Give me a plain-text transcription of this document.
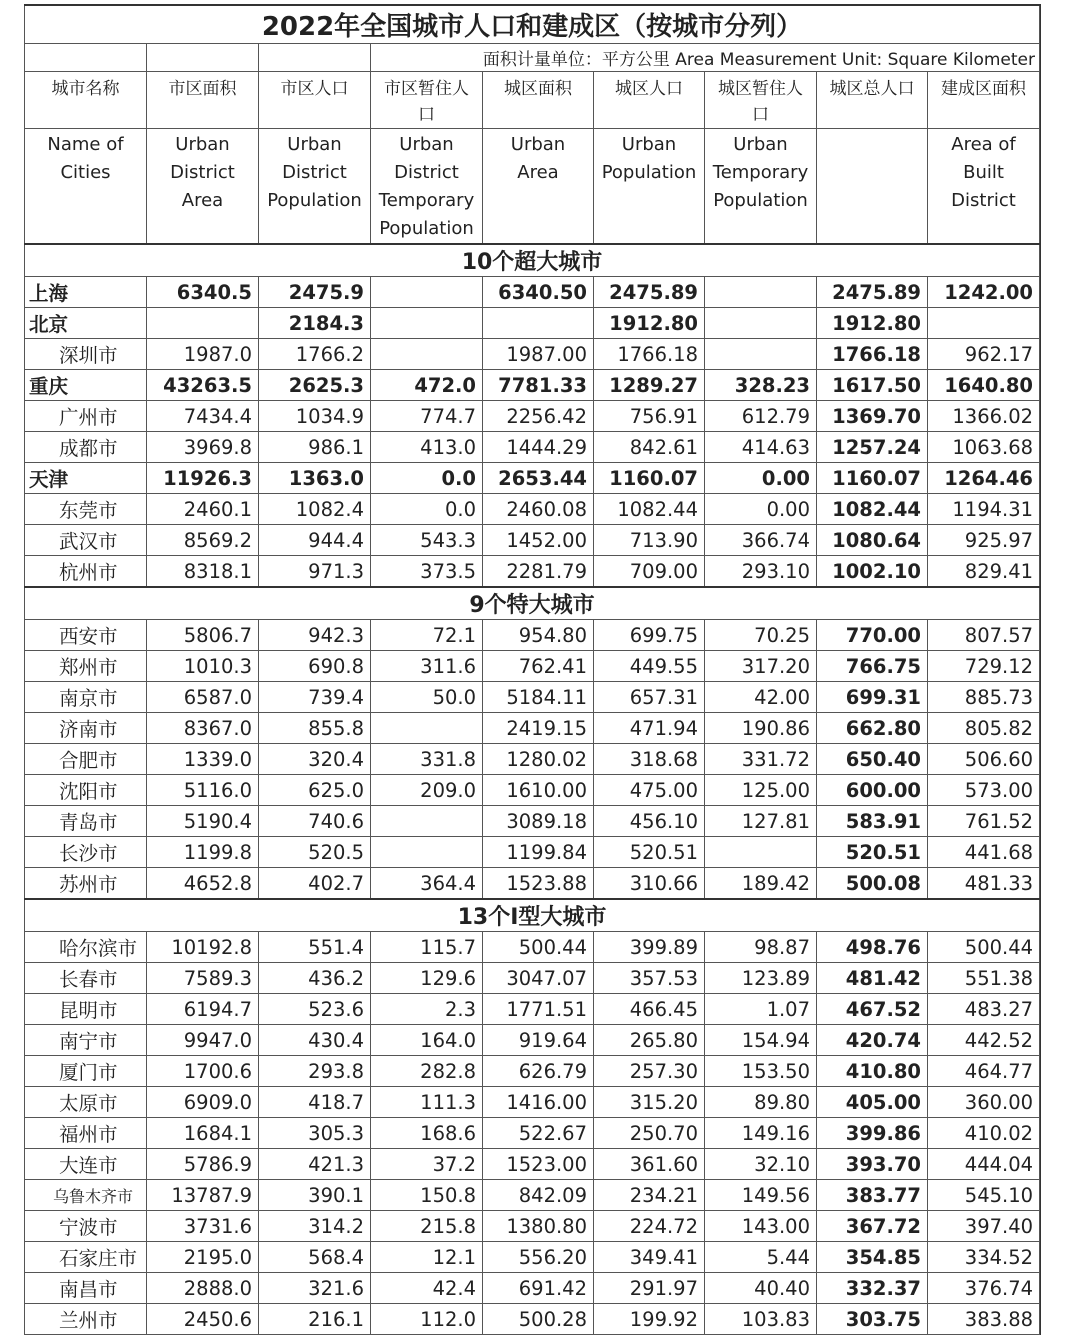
2022年全国城市人口和建成区（按城市分列）								
			面积计量单位：平方公里 Area Measurement Unit: Square Kilometer					
城市名称	市区面积	市区人口	市区暂住人　口	城区面积	城区人口	城区暂住人口	城区总人口	建成区面积
Name of Cities	Urban District Area	Urban District Population	Urban District Temporary Population	Urban Area	Urban Population	Urban Temporary Population		Area of Built District
10个超大城市								
上海	6340.5	2475.9		6340.50	2475.89		2475.89	1242.00
北京		2184.3			1912.80		1912.80	
深圳市	1987.0	1766.2		1987.00	1766.18		1766.18	962.17
重庆	43263.5	2625.3	472.0	7781.33	1289.27	328.23	1617.50	1640.80
广州市	7434.4	1034.9	774.7	2256.42	756.91	612.79	1369.70	1366.02
成都市	3969.8	986.1	413.0	1444.29	842.61	414.63	1257.24	1063.68
天津	11926.3	1363.0	0.0	2653.44	1160.07	0.00	1160.07	1264.46
东莞市	2460.1	1082.4	0.0	2460.08	1082.44	0.00	1082.44	1194.31
武汉市	8569.2	944.4	543.3	1452.00	713.90	366.74	1080.64	925.97
杭州市	8318.1	971.3	373.5	2281.79	709.00	293.10	1002.10	829.41
9个特大城市								
西安市	5806.7	942.3	72.1	954.80	699.75	70.25	770.00	807.57
郑州市	1010.3	690.8	311.6	762.41	449.55	317.20	766.75	729.12
南京市	6587.0	739.4	50.0	5184.11	657.31	42.00	699.31	885.73
济南市	8367.0	855.8		2419.15	471.94	190.86	662.80	805.82
合肥市	1339.0	320.4	331.8	1280.02	318.68	331.72	650.40	506.60
沈阳市	5116.0	625.0	209.0	1610.00	475.00	125.00	600.00	573.00
青岛市	5190.4	740.6		3089.18	456.10	127.81	583.91	761.52
长沙市	1199.8	520.5		1199.84	520.51		520.51	441.68
苏州市	4652.8	402.7	364.4	1523.88	310.66	189.42	500.08	481.33
13个I型大城市								
哈尔滨市	10192.8	551.4	115.7	500.44	399.89	98.87	498.76	500.44
长春市	7589.3	436.2	129.6	3047.07	357.53	123.89	481.42	551.38
昆明市	6194.7	523.6	2.3	1771.51	466.45	1.07	467.52	483.27
南宁市	9947.0	430.4	164.0	919.64	265.80	154.94	420.74	442.52
厦门市	1700.6	293.8	282.8	626.79	257.30	153.50	410.80	464.77
太原市	6909.0	418.7	111.3	1416.00	315.20	89.80	405.00	360.00
福州市	1684.1	305.3	168.6	522.67	250.70	149.16	399.86	410.02
大连市	5786.9	421.3	37.2	1523.00	361.60	32.10	393.70	444.04
乌鲁木齐市	13787.9	390.1	150.8	842.09	234.21	149.56	383.77	545.10
宁波市	3731.6	314.2	215.8	1380.80	224.72	143.00	367.72	397.40
石家庄市	2195.0	568.4	12.1	556.20	349.41	5.44	354.85	334.52
南昌市	2888.0	321.6	42.4	691.42	291.97	40.40	332.37	376.74
兰州市	2450.6	216.1	112.0	500.28	199.92	103.83	303.75	383.88
